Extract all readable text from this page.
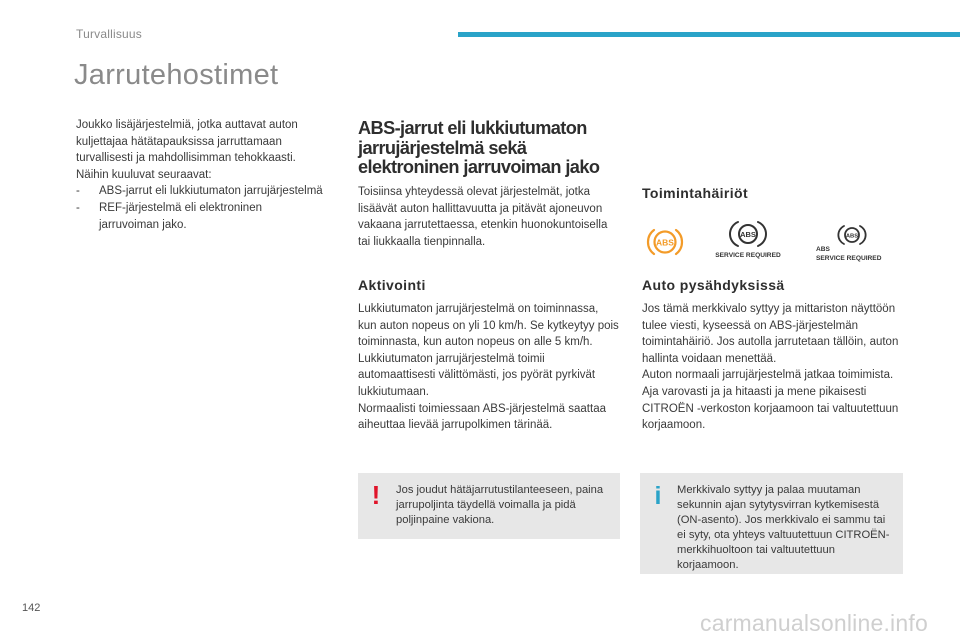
Turvallisuus
Jarrutehostimet

Joukko lisäjärjestelmiä, jotka auttavat auton kuljettajaa hätätapauksissa jarruttamaan turvallisesti ja mahdollisimman tehokkaasti.

Näihin kuuluvat seuraavat:

- ABS-jarrut eli lukkiutumaton jarrujärjestelmä
- REF-järjestelmä eli elektroninen jarruvoiman jako.
ABS-jarrut eli lukkiutumaton jarrujärjestelmä sekä elektroninen jarruvoiman jako

Toisiinsa yhteydessä olevat järjestelmät, jotka lisäävät auton hallittavuutta ja pitävät ajoneuvon vakaana jarrutettaessa, etenkin huonokuntoisella tai liukkaalla tienpinnalla.

Aktivointi

Lukkiutumaton jarrujärjestelmä on toiminnassa, kun auton nopeus on yli 10 km/h. Se kytkeytyy pois toiminnasta, kun auton nopeus on alle 5 km/h.

Lukkiutumaton jarrujärjestelmä toimii automaattisesti välittömästi, jos pyörät pyrkivät lukkiutumaan.

Normaalisti toimiessaan ABS-järjestelmä saattaa aiheuttaa lievää jarrupolkimen tärinää.

! Jos joudut hätäjarrutustilanteeseen, paina jarrupoljinta täydellä voimalla ja pidä poljinpaine vakiona.
Toimintahäiriöt
ABS
ABS
SERVICE REQUIRED
ABS
ABS
SERVICE REQUIRED
Auto pysähdyksissä

Jos tämä merkkivalo syttyy ja mittariston näyttöön tulee viesti, kyseessä on ABS-järjestelmän toimintahäiriö. Jos autolla jarrutetaan tällöin, auton hallinta voidaan menettää.

Auton normaali jarrujärjestelmä jatkaa toimimista.

Aja varovasti ja ja hitaasti ja mene pikaisesti CITROËN -verkoston korjaamoon tai valtuutettuun korjaamoon.

i Merkkivalo syttyy ja palaa muutaman sekunnin ajan sytytysvirran kytkemisestä (ON-asento). Jos merkkivalo ei sammu tai ei syty, ota yhteys valtuutettuun CITROËN-merkkihuoltoon tai valtuutettuun korjaamoon.
142
carmanualsonline.info
